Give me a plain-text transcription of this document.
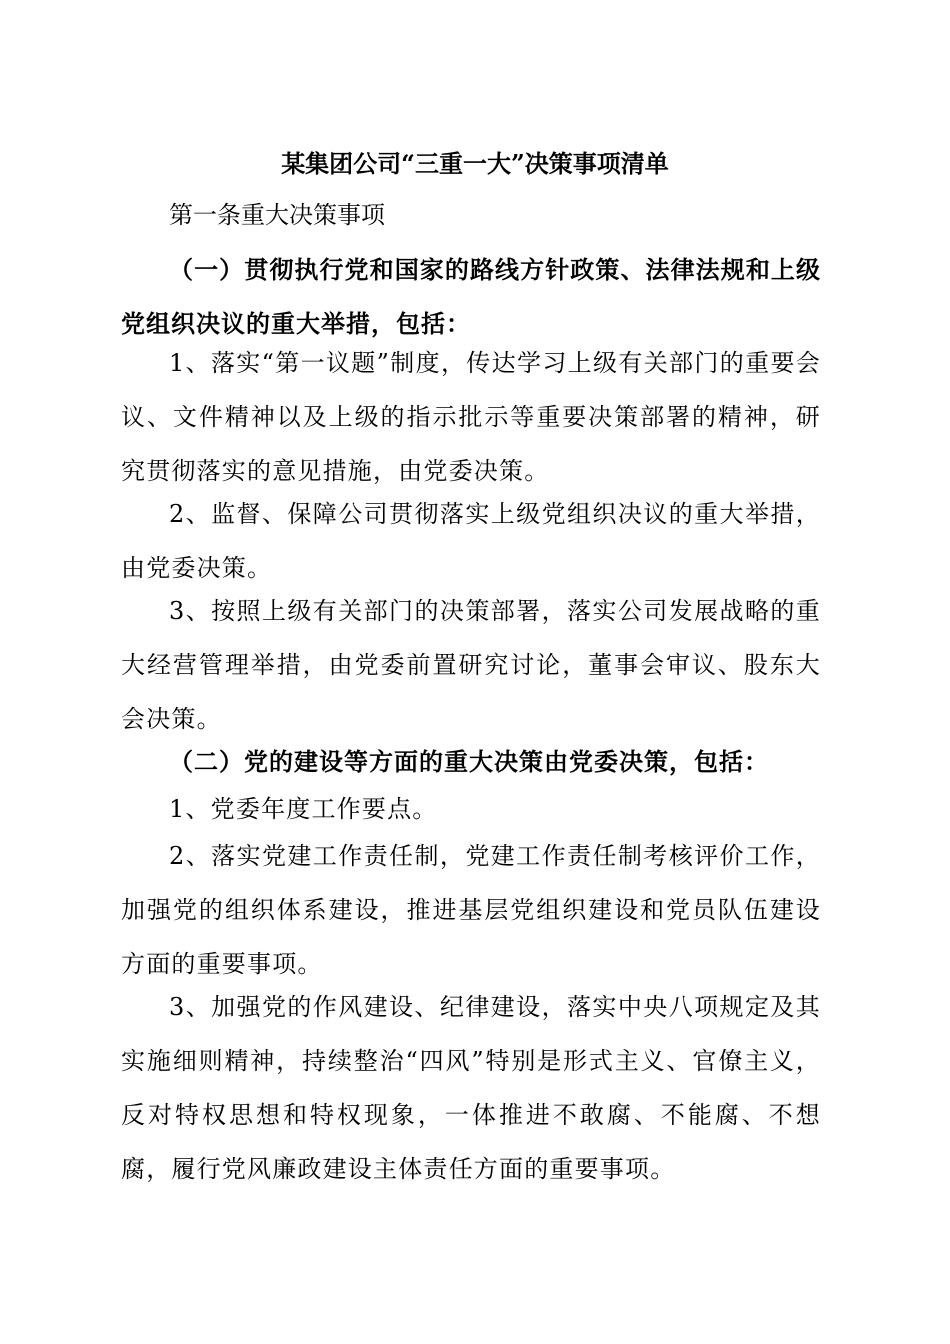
某集团公司“三重一大”决策事项清单
第一条重大决策事项
（一）贯彻执行党和国家的路线方针政策、法律法规和上级党组织决议的重大举措，包括：
1、落实“第一议题”制度，传达学习上级有关部门的重要会议、文件精神以及上级的指示批示等重要决策部署的精神，研究贯彻落实的意见措施，由党委决策。
2、监督、保障公司贯彻落实上级党组织决议的重大举措，由党委决策。
3、按照上级有关部门的决策部署，落实公司发展战略的重大经营管理举措，由党委前置研究讨论，董事会审议、股东大会决策。
（二）党的建设等方面的重大决策由党委决策，包括：
1、党委年度工作要点。
2、落实党建工作责任制，党建工作责任制考核评价工作，加强党的组织体系建设，推进基层党组织建设和党员队伍建设方面的重要事项。
3、加强党的作风建设、纪律建设，落实中央八项规定及其实施细则精神，持续整治“四风”特别是形式主义、官僚主义，反对特权思想和特权现象，一体推进不敢腐、不能腐、不想腐，履行党风廉政建设主体责任方面的重要事项。
